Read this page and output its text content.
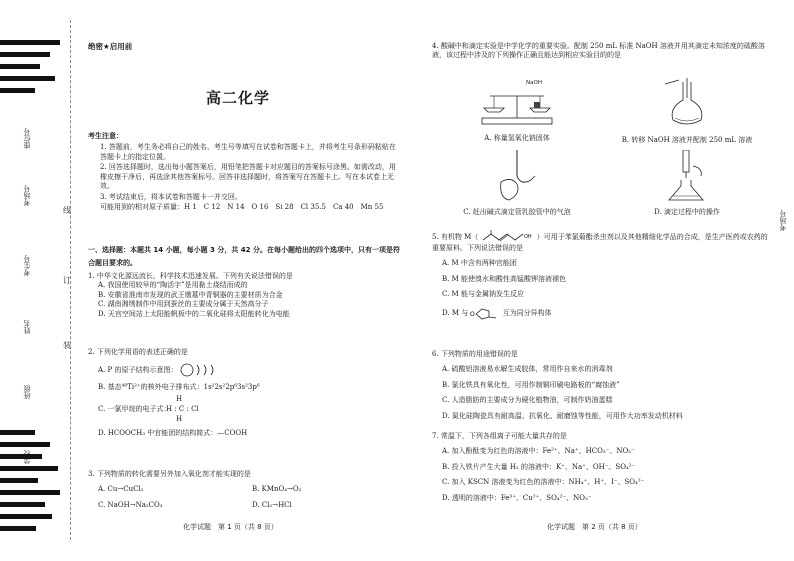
座位号
考场号
考生号
姓名
班级
学校
线
订
装
考场号
绝密★启用前
高二化学
考生注意：

1. 答题前，考生务必将自己的姓名、考生号等填写在试卷和答题卡上，并将考生号条形码粘贴在答题卡上的指定位置。

2. 回答选择题时，选出每小题答案后，用铅笔把答题卡对应题目的答案标号涂黑。如需改动，用橡皮擦干净后，再选涂其他答案标号。回答非选择题时，将答案写在答题卡上。写在本试卷上无效。

3. 考试结束后，将本试卷和答题卡一并交回。

可能用到的相对原子质量：H 1　C 12　N 14　O 16　Si 28　Cl 35.5　Ca 40　Mn 55

一、选择题：本题共 14 小题，每小题 3 分，共 42 分。在每小题给出的四个选项中，只有一项是符合题目要求的。

1. 中华文化源远流长，科学技术迅速发展。下列有关说法错误的是

A. 我国使用较早的“陶活字”是用黏土烧结而成的

B. 安徽省淮南市发现的武王墩墓中青铜器的主要材质为合金

C. 湖南湘绣制作中用到蚕丝的主要成分属于天然高分子

D. 天宫空间站上太阳能帆板中的二氧化硅将太阳能转化为电能

2. 下列化学用语的表述正确的是

A. P 的原子结构示意图：

B. 基态⁴⁸Ti²⁺的核外电子排布式：1s²2s²2p⁶3s²3p⁶

H
C. 一氯甲烷的电子式：
H : C : Cl
H

D. HCOOCH₃ 中官能团的结构简式：—COOH

3. 下列物质的转化需要另外加入氧化剂才能实现的是

A. Cu→CuCl₂	B. KMnO₄→O₂
C. NaOH→Na₂CO₃	D. Cl₂→HCl
化学试题　第 1 页（共 8 页）

4. 酸碱中和滴定实验是中学化学的重要实验。配制 250 mL 标准 NaOH 溶液并用其滴定未知浓度的硫酸溶液，该过程中涉及的下列操作正确且能达到相应实验目的的是

NaOH
A. 称量氢氧化钠固体	B. 转移 NaOH 溶液并配制 250 mL 溶液
C. 赶出碱式滴定管乳胶管中的气泡	D. 滴定过程中的操作

5. 有机物 M（	OH ）可用于苯氯菊酯杀虫剂以及其他精细化学品的合成，是生产医药或农药的重要原料。下列说法错误的是

A. M 中含有两种官能团

B. M 能使溴水和酸性高锰酸钾溶液褪色

C. M 能与金属钠发生反应

D. M 与 O	互为同分异构体

6. 下列物质的用途错误的是

A. 硫酸铝溶液易水解生成胶体，常用作自来水的消毒剂

B. 氯化铁具有氧化性，可用作制铜印刷电路板的“腐蚀液”

C. 人造脂肪的主要成分为硬化植物油，可制作奶油蛋糕

D. 氮化硅陶瓷具有耐高温、抗氧化、耐磨蚀等性能，可用作大功率发动机材料

7. 常温下，下列各组离子可能大量共存的是

A. 加入酚酞变为红色的溶液中：Fe²⁺、Na⁺、HCO₃⁻、NO₃⁻

B. 投入铁片产生大量 H₂ 的溶液中：K⁺、Na⁺、OH⁻、SO₄²⁻

C. 加入 KSCN 溶液变为红色的溶液中：NH₄⁺、H⁺、I⁻、SO₄²⁻

D. 透明的溶液中：Fe³⁺、Cu²⁺、SO₄²⁻、NO₃⁻

化学试题　第 2 页（共 8 页）
